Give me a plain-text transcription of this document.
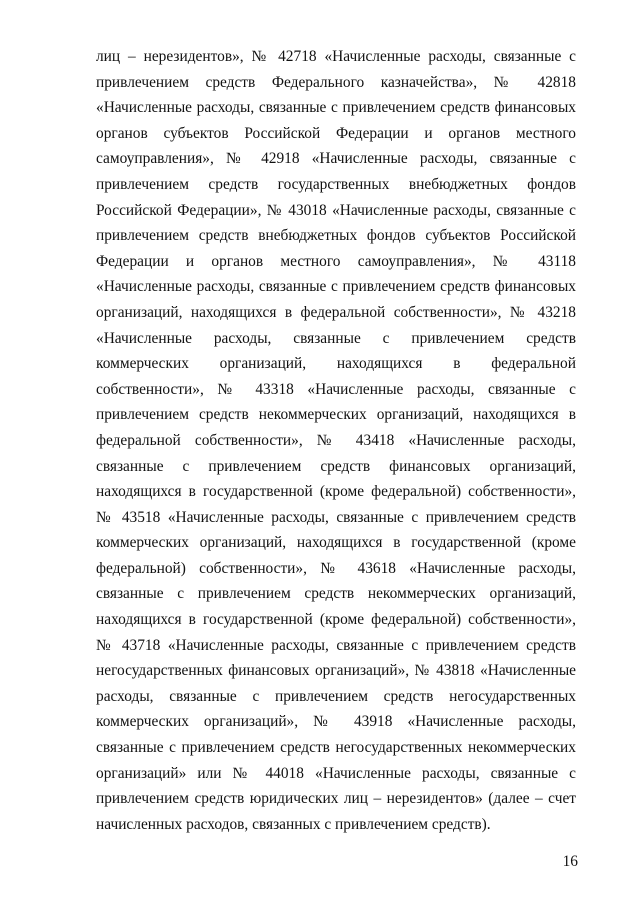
лиц – нерезидентов», № 42718 «Начисленные расходы, связанные с привлечением средств Федерального казначейства», № 42818 «Начисленные расходы, связанные с привлечением средств финансовых органов субъектов Российской Федерации и органов местного самоуправления», № 42918 «Начисленные расходы, связанные с привлечением средств государственных внебюджетных фондов Российской Федерации», № 43018 «Начисленные расходы, связанные с привлечением средств внебюджетных фондов субъектов Российской Федерации и органов местного самоуправления», № 43118 «Начисленные расходы, связанные с привлечением средств финансовых организаций, находящихся в федеральной собственности», № 43218 «Начисленные расходы, связанные с привлечением средств коммерческих организаций, находящихся в федеральной собственности», № 43318 «Начисленные расходы, связанные с привлечением средств некоммерческих организаций, находящихся в федеральной собственности», № 43418 «Начисленные расходы, связанные с привлечением средств финансовых организаций, находящихся в государственной (кроме федеральной) собственности», № 43518 «Начисленные расходы, связанные с привлечением средств коммерческих организаций, находящихся в государственной (кроме федеральной) собственности», № 43618 «Начисленные расходы, связанные с привлечением средств некоммерческих организаций, находящихся в государственной (кроме федеральной) собственности», № 43718 «Начисленные расходы, связанные с привлечением средств негосударственных финансовых организаций», № 43818 «Начисленные расходы, связанные с привлечением средств негосударственных коммерческих организаций», № 43918 «Начисленные расходы, связанные с привлечением средств негосударственных некоммерческих организаций» или № 44018 «Начисленные расходы, связанные с привлечением средств юридических лиц – нерезидентов» (далее – счет начисленных расходов, связанных с привлечением средств).

16
